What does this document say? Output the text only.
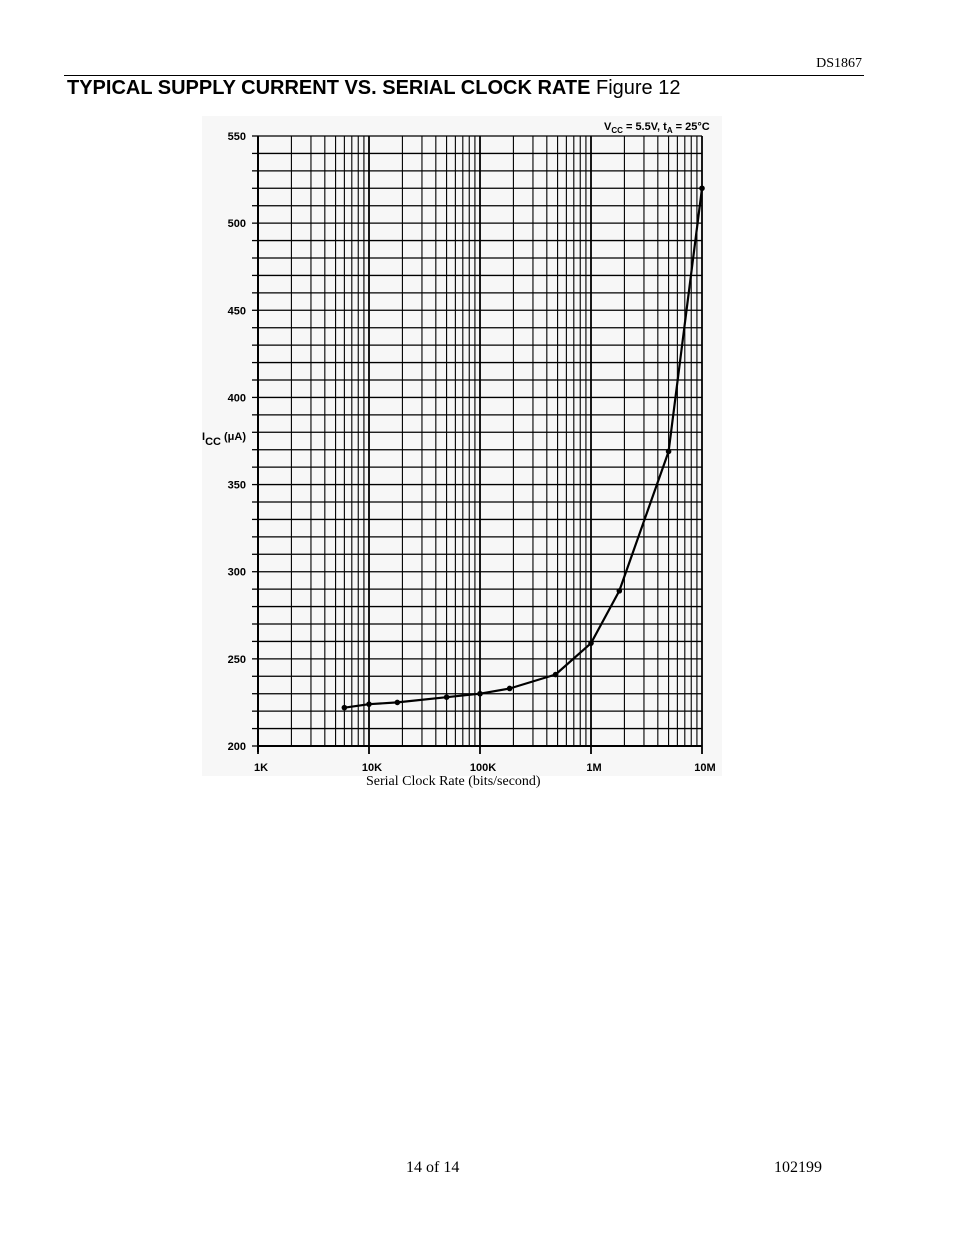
DS1867
TYPICAL SUPPLY CURRENT VS. SERIAL CLOCK RATE Figure 12
200
250
300
350
400
450
500
550
1K	10K	100K	1M	10M
$V_{CC} = 5.5V$, $t_A = 25^\circ C$
ICC (μA)
Serial Clock Rate (bits/second)
14 of 14	102199
